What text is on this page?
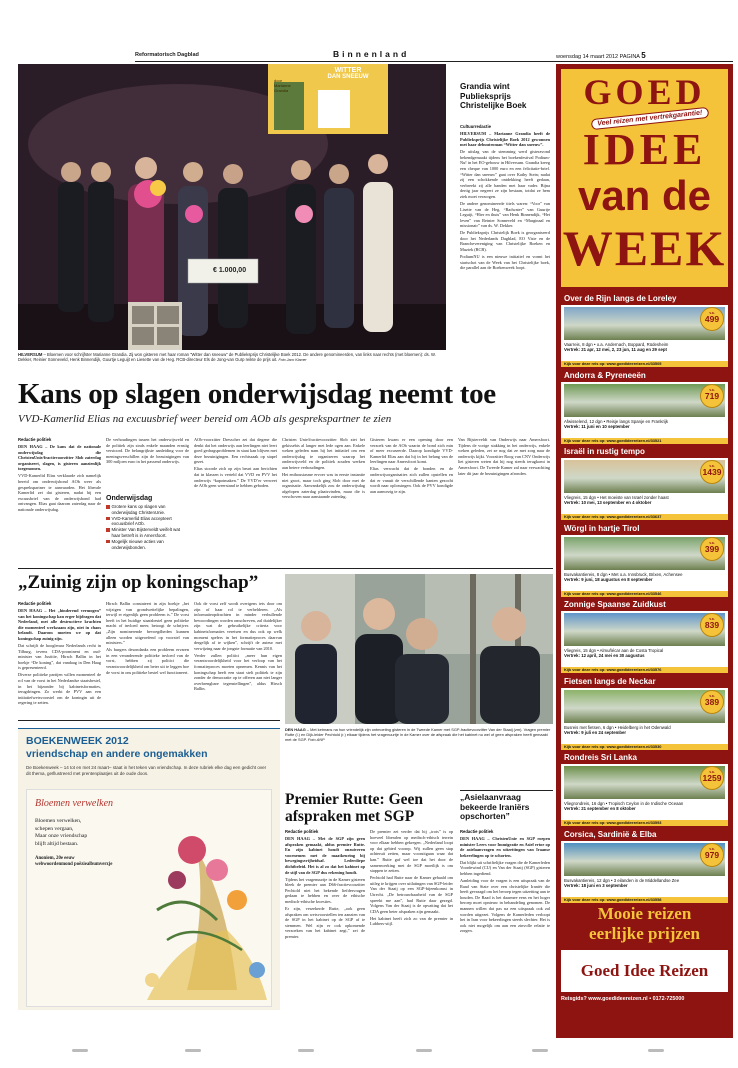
Reformatorisch Dagblad	Binnenland	woensdag 14 maart 2012 PAGINA 5
WITTER
DAN SNEEUW
door
Marianne
Grandia
€ 1.000,00
HILVERSUM – Bloemen voor schrijfster Marianne Grandia. Zij won gisteren met haar roman “Witter dan sneeuw” de Publieksprijs Christelijke Boek 2012. De andere genomineerden, van links naar rechts (met bloemen): ds. W. Dekker, Reinier Sonneveld, Henk Binnendijk, Guurtje Leguijt en Liesette van de Heg. RCB-directeur Els de Jong-van Gurp reikte de prijs uit. Foto Jaco Klamer
Grandia wint Publieksprijs Christelijke Boek
Cultuurredactie

HILVERSUM – Marianne Grandia heeft de Publieksprijs Christelijke Boek 2012 gewonnen met haar debuutroman “Witter dan sneeuw”.

De uitslag van de stemming werd gisteravond bekendgemaakt tijdens het boekenfestival Podium-Nu! in het EO-gebouw in Hilversum. Grandia kreeg een cheque van 1000 euro en een felicitatie-brief. “Witter dan sneeuw” gaat over Kathy Stein; nadat zij een schokkende ontdekking heeft gedaan, verbreekt zij alle banden met haar vader. Bijna dertig jaar negeert ze zijn bestaan, totdat ze hem ziek moet verzorgen.

De andere genomineerde titels waren: “Voor” van Lisette van de Heg, “Badwater” van Guurtje Leguijt, “Hier en thuis” van Henk Binnendijk, “Het leven” van Reinier Sonneveld en “Marginaal en missionair” van ds. W. Dekker.

De Publieksprijs Christelijk Boek is georganiseerd door het Nederlands Dagblad, EO Visie en de Branchevereniging van Christelijke Boeken en Muziek (RCB).

PodiumNU is een nieuwe initiatief en vormt het startschot van de Week van het Christelijke boek, die parallel aan de Boekenweek loopt.

Kans op slagen onderwijsdag neemt toe
VVD-Kamerlid Elias na excuusbrief weer bereid om AOb als gesprekspartner te zien
Redactie politiek

DEN HAAG – De kans dat de nationale onderwijsdag die ChristenUnie/fractievoorzitter Slob zaterdag organiseert, slagen, is gisteren aanzienlijk toegenomen.

VVD-Kamerlid Elias verklaarde zich namelijk bereid om onderwijsbond AOb weer als gesprekspartner te aanvaarden. Het liberale Kamerlid zei dat gisteren, nadat hij een excuusbrief van de onderwijsbond had ontvangen. Elias gaat daarom zaterdag naar de nationale onderwijsdag.

De verhoudingen tussen het onderwijsveld en de politiek zijn sinds enkele maanden ernstig verstoord. De belangrijkste aanleiding voor de meningsverschillen zijn de bezuinigingen van 300 miljoen euro in het passend onderwijs.

Onderwijsdag
Grotere kans op slagen van onderwijsdag ChristenUnie.
VVD-Kamerlid Elias accepteert excuusbrief AOb.
Minister Van Bijsterveldt weifelt wat haar betreft is in Amersfoort.
Mogelijk nieuwe acties van onderwijsbonden.

AOb-voorzitter Dresscher zei dat degene die denkt dat het onderwijs aan leerlingen niet leert goed gedragsproblemen in staat kan blijven met deze bezuinigingen. Een rechtszaak op stapel gezet.

Elias stoorde zich op zijn beurt aan berichten dat in klassen is verteld dat VVD en PVV het onderwijs “kapotmaken.” De VVD’er verweet de AOb geen weerstand te hebben geboden.

Christen Unie/fractievoorzitter Slob ziet het gekissebis al langer met lede ogen aan. Enkele weken geleden nam hij het initiatief om een onderwijsdag te organiseren waarop het onderwijsveld en de politiek zouden werken aan betere verhoudingen.

Het enthousiasme ervoer was in eerste instantie niet groot, maar toch ging Slob door met de organisatie. Aanvankelijk zou de onderwijsdag afgelopen zaterdag plaatsvinden, maar die is verschoven naar aanstaande zaterdag.

Gisteren kwam er een opening door een verzoek van de AOb waarin de bond zich min of meer excuseerde. Daarop kondigde VVD-Kamerlid Elias aan dat hij in het belang van de leerlingen naar Amersfoort komt.

Elias verwacht dat de bonden en de onderwijsorganisaties zich zullen opstellen en dat er vanuit de verschillende kanten gezocht wordt naar oplossingen. Ook de PVV kondigde aan aanwezig te zijn.

Van Bijsterveldt van Onderwijs naar Amersfoort. Tijdens de vorige stakking in het onderwijs, enkele weken geleden, zei ze nog dat ze met zorg naar de onderwijs kijkt. Voorzitter Roog van CNV Onderwijs liet gisteren weten dat hij nog steeds terugkomt in Amersfoort. De Tweede Kamer zal naar verwachting later dit jaar de bezuinigingen afronden.

„Zuinig zijn op koningschap”
Redactie politiek

DEN HAAG – Het „hinderend vermogen” van het koningschap kan erger bijdragen dat Nederland, met alle destructieve krachten die momenteel werkzaam zijn, niet in chaos belandt. Daarom moeten we op dat koningschap zuinig zijn.

Dat schrijft de hoogleraar Nederlands recht in Tilburg, tevens CDA-prominent en oud-minister van Justitie, Hirsch Ballin in het boekje “De koning”, dat vandaag in Den Haag is gepresenteerd.

Diverse politieke partijen willen momenteel de rol van de vorst in het Nederlandse staatsbestel, in het bijzonder bij kabinetsformaties, terugdringen. Zo werkt de PVV aan een initiatiefwetsvoorstel om de koningin uit de regering te zetten.

Hirsch Ballin constateert in zijn boekje „het wijzigen van grondwettelijke bepalingen, terwijl er eigenlijk geen probleem is.” De vorst heeft in het huidige staatsbestel geen politieke macht of invloed meer, betoogt de schrijver. „Zijn nominerende bevoegdheden kunnen alleen worden uitgeoefend op voorstel van ministers.”

Als burgers desondanks een probleem ervaren in een veranderende politieke invloed van de vorst, hebben zij politici die verantwoordelijkheid om beter uit te leggen hoe de vorst in ons politieke bestel wel functioneert.

Ook de vorst zelf wordt overigens iets door om zijn of haar rol te verhelderen. „Als informatieopdrachten in minder verhullende bewoordingen worden omschreven, zal duidelijker zijn wat de gebruikelijke criteria voor kabinetsformaties vereisen en dus ook op welk moment spelers in het formatieproces daarvan dergelijk af te wijken”, schrijft de auteur met verwijzing naar de jongste formatie van 2010.

Verder zullen politici „meer hun eigen verantwoordelijkheid voor het verloop van het formatieproces moeten opnemen. Kennis van het koningschap heeft een staat stelt politiek te zijn zonder de democratie op te offeren aan niet langer overbrengbare tegenstellingen”, aldus Hirsch Ballin.

DEN HAAG – Met ketmans na hun vriendelijk zijn ontmoeting gisteren in de Tweede Kamer met SGP-fractievoorzitter Van der Staaij (zm). Vragen premier Rutte (l.) en Dijk-leider Pechtold (r.) elkaar tijdens het vragenuurtje in de Kamer over de afspraak die het kabinet nu wel of geen afspraken heeft gemaakt met de SGP. Foto ANP
BOEKENWEEK 2012
vriendschap en andere ongemakken
De Boekenweek – 14 tot en met 24 maart– staat in het teken van vriendschap. In deze rubriek elke dag een gedicht over dit thema, geïllustreerd met prentenplaatjes uit de oude doos.
Bloemen verwelken
Bloemen verwelken,
schepen vergaan,
Maar onze vriendschap
blijft altijd bestaan.
Anoniem, 20e eeuw
webwoordenmond poëziealbumverzje
Premier Rutte: Geen afspraken met SGP
Redactie politiek

DEN HAAG – Met de SGP zijn geen afspraken gemaakt, aldus premier Rutte. En zijn kabinet houdt onzuiveren voornemen met de maatkeuring bij bewegingsvrijheidsaf. Lederdiepe dichtbeleid. Het is al zo dat het kabinet op de stijl van de SGP dus rekening houdt.

Tijdens het vragenuurtje in de Kamer gisteren bleek de premier aan D66-fractievoorzitter Pechtold niet het bekende liefdesvragen gedaan te hebben en over de ethische medisch-ethische kwesties.

Er zijn, verzekerde Rutte, „ook geen afspraken om wetsvoorstellen ten aanzien van de SGP in het kabinet op de SGP af te stemmen. Wel zijn er ook opkomende verzoeken van het kabinet zegt,” zei de premier.

De premier zei verder dat hij „trots” is op hoeveel liberalen op medisch-ethisch terrein voor elkaar hebben gekregen. „Nederland loopt op dat gebied voorop. Wij zullen geen stap achteruit zetten, maar vooruitgaan waar dat kan.” Rutte gaf wel toe dat het door de samenwerking met de SGP moeilijk is om stappen te zetten.

Pechtold had Rutte naar de Kamer gehaald om uitleg te krijgen over uitlatingen van SGP-leider Van der Staaij op een SGP-bijeenkomst in Utrecht. „De betrouwbaarheid van de SGP spreekt me aan”, had Rutte daar gezegd. Volgens Van der Staaij is de opvatting dat het CDA geen beter afspraken zijn gemaakt.

Het kabinet heeft zich zo van de premier in Lubbers-stijl.

„Asielaanvraag bekeerde Iraniërs opschorten”
Redactie politiek

DEN HAAG – ChristenUnie en SGP roepen minister Leers voor Immigratie en Asiel ertoe op de asielaanvragen en uitzettingen van Iraanse bekeerlingen op te schorten.

Dat blijkt uit schriftelijke vragen die de Kamerleden Voordewind (CU) en Van der Staaij (SGP) gisteren hebben ingediend.

Aanleiding voor de vragen is een uitspraak van de Raad van State over een christelijke Iraniër die heeft gevraagd om het beroep tegen uitzetting aan te houden. De Raad is het daarmee eens en het hoger beroep moet opnieuw in behandeling genomen. De mannen willen dat pas na een uitspraak ook zal worden uitgezet. Volgens de Kamerleden verloopt het in Iran voor bekeerlingen steeds slechter. Het is ook niet mogelijk om aan een zinvolle relatie te zorgen.

GOED
Veel reizen met vertrekgarantie!
IDEE
van de
WEEK
Over de Rijn langs de Loreley
Vaarreis, 8 dgn • o.a. Andernach, Boppard, Rüdesheim
Vertrek: 21 apr, 12 mei, 2, 23 jun, 11 aug en 29 sept
Kijk voor deze reis op: www.goedideereizen.nl/33505
v.a.
499
Andorra & Pyreneeën
Afwisselend, 12 dgn • Reisje langs Spanje en Frankrijk
Vertrek: 11 juni en 10 september
Kijk voor deze reis op: www.goedideereizen.nl/33521
v.a.
719
Israël in rustig tempo
Vliegreis, 15 dgn • Het moeiste van Israël zonder haast
Vertrek: 10 mei, 13 september en 4 oktober
Kijk voor deze reis op: www.goedideereizen.nl/33637
v.a.
1439
Wörgl in hartje Tirol
Busvakantiereis, 8 dgn • Met o.a. Innsbruck, Brixen, Achensee
Vertrek: 9 juni, 18 augustus en 8 september
Kijk voor deze reis op: www.goedideereizen.nl/33546
v.a.
399
Zonnige Spaanse Zuidkust
Vliegreis, 15 dgn • Almuñécar aan de Costa Tropical
Vertrek: 12 april, 24 mei en 30 augustus
Kijk voor deze reis op: www.goedideereizen.nl/33576
v.a.
839
Fietsen langs de Neckar
Busreis met fietsen, 6 dgn • Heidelberg in het Odenwald
Vertrek: 9 juli en 24 september
Kijk voor deze reis op: www.goedideereizen.nl/33530
v.a.
389
Rondreis Sri Lanka
Vliegrondreis, 16 dgn • Tropisch Ceylon in de Indische Oceaan
Vertrek: 21 september en 8 oktober
Kijk voor deze reis op: www.goedideereizen.nl/33593
v.a.
1259
Corsica, Sardinië & Elba
Busvakantiereis, 12 dgn • 3 eilanden in de Middellandse Zee
Vertrek: 18 juni en 3 september
Kijk voor deze reis op: www.goedideereizen.nl/33558
v.a.
979
Mooie reizen
eerlijke prijzen
Goed Idee Reizen
Reisgids? www.goedideereizen.nl • 0172-725000
